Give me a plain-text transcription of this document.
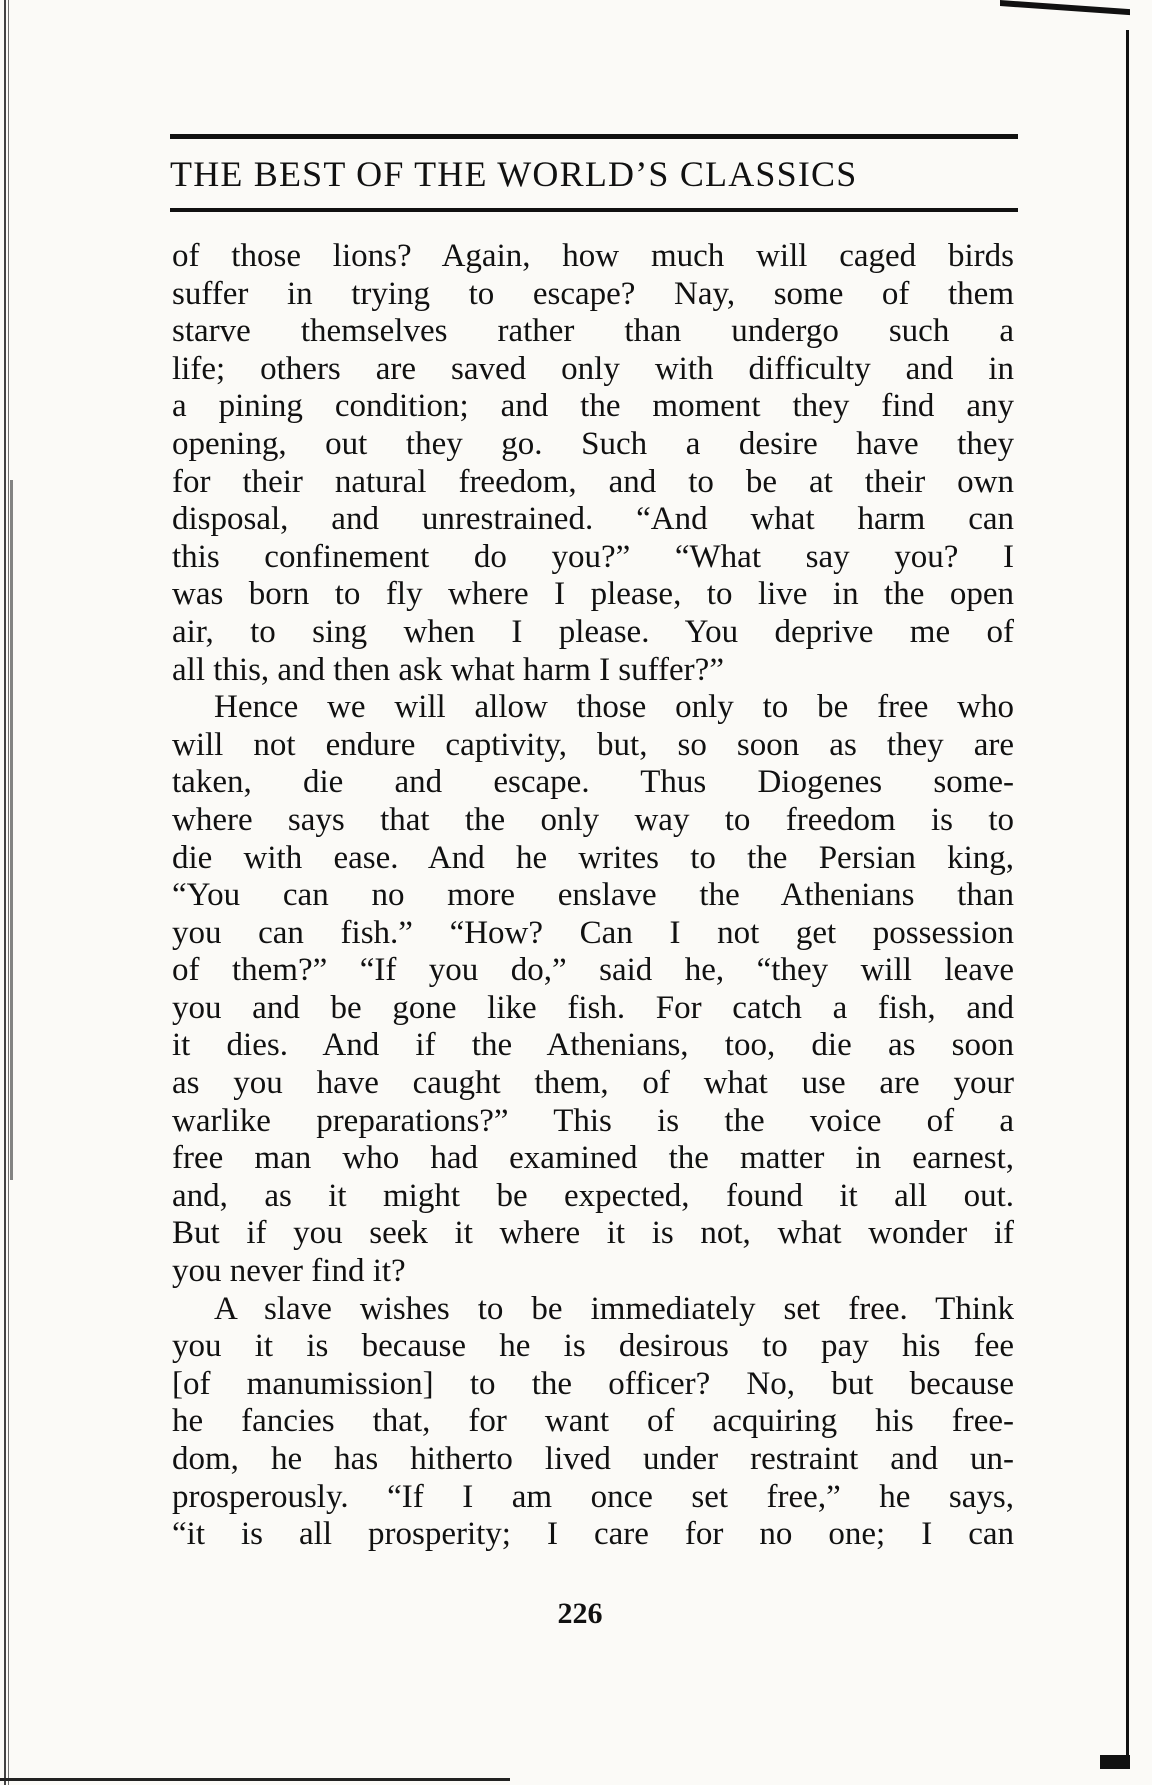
THE BEST OF THE WORLD’S CLASSICS
of those lions? Again, how much will caged birds
suffer in trying to escape? Nay, some of them
starve themselves rather than undergo such a
life; others are saved only with difficulty and in
a pining condition; and the moment they find any
opening, out they go. Such a desire have they
for their natural freedom, and to be at their own
disposal, and unrestrained. “And what harm can
this confinement do you?” “What say you? I
was born to fly where I please, to live in the open
air, to sing when I please. You deprive me of
all this, and then ask what harm I suffer?”
Hence we will allow those only to be free who
will not endure captivity, but, so soon as they are
taken, die and escape. Thus Diogenes some-
where says that the only way to freedom is to
die with ease. And he writes to the Persian king,
“You can no more enslave the Athenians than
you can fish.” “How? Can I not get possession
of them?” “If you do,” said he, “they will leave
you and be gone like fish. For catch a fish, and
it dies. And if the Athenians, too, die as soon
as you have caught them, of what use are your
warlike preparations?” This is the voice of a
free man who had examined the matter in earnest,
and, as it might be expected, found it all out.
But if you seek it where it is not, what wonder if
you never find it?
A slave wishes to be immediately set free. Think
you it is because he is desirous to pay his fee
[of manumission] to the officer? No, but because
he fancies that, for want of acquiring his free-
dom, he has hitherto lived under restraint and un-
prosperously. “If I am once set free,” he says,
“it is all prosperity; I care for no one; I can
226
